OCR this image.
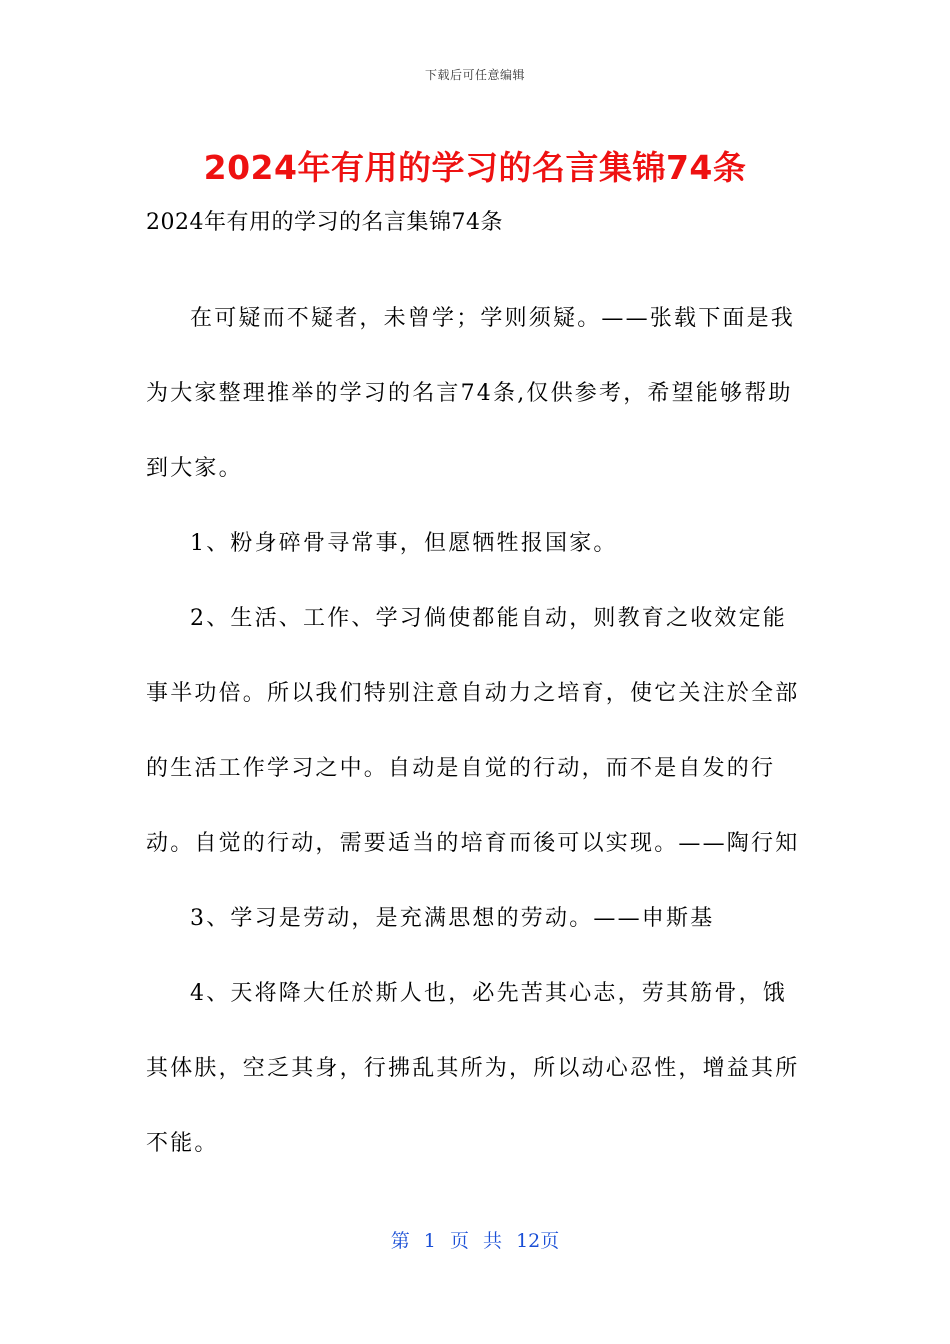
下载后可任意编辑
2024年有用的学习的名言集锦74条

2024年有用的学习的名言集锦74条

在可疑而不疑者，未曾学；学则须疑。——张载下面是我为大家整理推举的学习的名言74条,仅供参考，希望能够帮助到大家。

1、粉身碎骨寻常事，但愿牺牲报国家。

2、生活、工作、学习倘使都能自动，则教育之收效定能事半功倍。所以我们特别注意自动力之培育，使它关注於全部的生活工作学习之中。自动是自觉的行动，而不是自发的行动。自觉的行动，需要适当的培育而後可以实现。——陶行知

3、学习是劳动，是充满思想的劳动。——申斯基

4、天将降大任於斯人也，必先苦其心志，劳其筋骨，饿其体肤，空乏其身，行拂乱其所为，所以动心忍性，增益其所不能。

第 1 页 共 12页
